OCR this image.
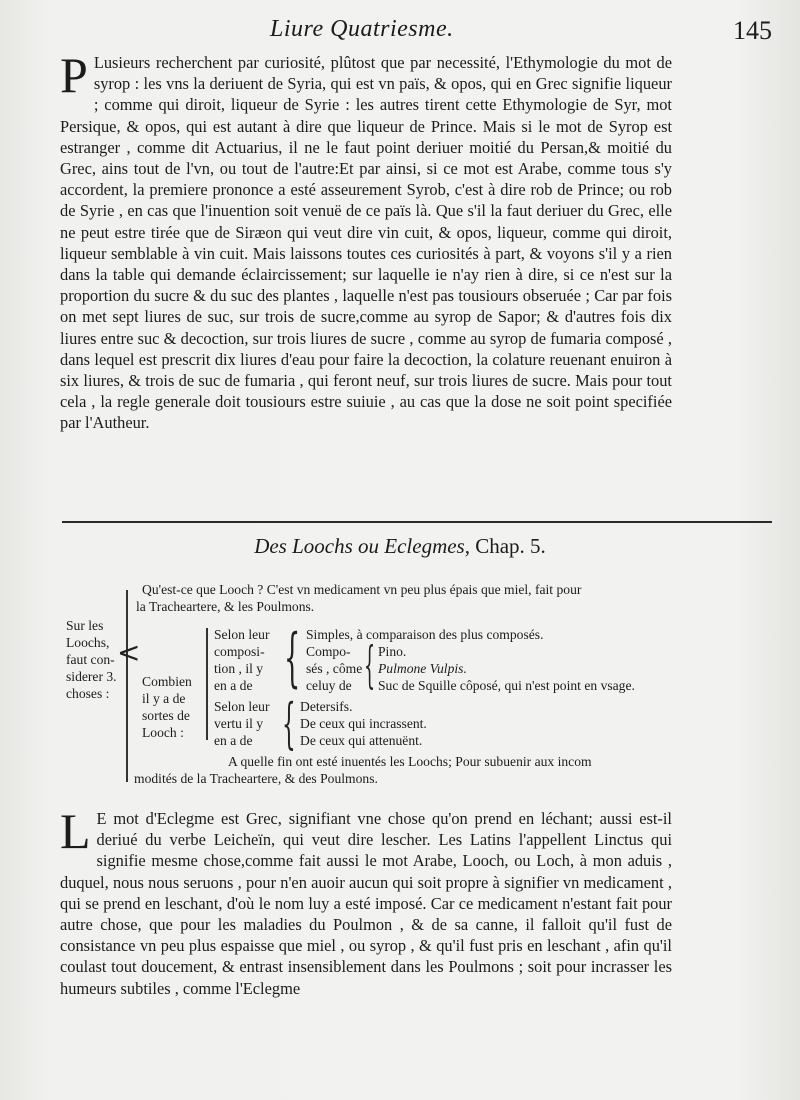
Liure Quatriesme.	145

P Lusieurs recherchent par curiosité, plûtost que par necessité, l'Ethymologie du mot de syrop : les vns la deriuent de Syria, qui est vn païs, & opos, qui en Grec signifie liqueur ; comme qui diroit, liqueur de Syrie : les autres tirent cette Ethymologie de Syr, mot Persique, & opos, qui est autant à dire que liqueur de Prince. Mais si le mot de Syrop est estranger , comme dit Actuarius, il ne le faut point deriuer moitié du Persan,& moitié du Grec, ains tout de l'vn, ou tout de l'autre:Et par ainsi, si ce mot est Arabe, comme tous s'y accordent, la premiere prononce a esté asseurement Syrob, c'est à dire rob de Prince; ou rob de Syrie , en cas que l'inuention soit venuë de ce païs là. Que s'il la faut deriuer du Grec, elle ne peut estre tirée que de Siræon qui veut dire vin cuit, & opos, liqueur, comme qui diroit, liqueur semblable à vin cuit. Mais laissons toutes ces curiosités à part, & voyons s'il y a rien dans la table qui demande éclaircissement; sur laquelle ie n'ay rien à dire, si ce n'est sur la proportion du sucre & du suc des plantes , laquelle n'est pas tousiours obseruée ; Car par fois on met sept liures de suc, sur trois de sucre,comme au syrop de Sapor; & d'autres fois dix liures entre suc & decoction, sur trois liures de sucre , comme au syrop de fumaria composé , dans lequel est prescrit dix liures d'eau pour faire la decoction, la colature reuenant enuiron à six liures, & trois de suc de fumaria , qui feront neuf, sur trois liures de sucre. Mais pour tout cela , la regle generale doit tousiours estre suiuie , au cas que la dose ne soit point specifiée par l'Autheur.

Des Loochs ou Eclegmes, Chap. 5.
Sur les
Loochs,
faut con-
siderer 3.
choses :
<
Qu'est-ce que Looch ? C'est vn medicament vn peu plus épais que miel, fait pour
la Trachеartere, & les Poulmons.
Combien
il y a de
sortes de
Looch :
Selon leur
composi-
tion , il y
en a de { Simples, à comparaison des plus composés.
Compo-
sés , côme
celuy de { Pino.
Pulmone Vulpis.
Suc de Squille côposé, qui n'est point en vsage.
Selon leur
vertu il y
en a de { Detersifs.
De ceux qui incrassent.
De ceux qui attenuënt.
A quelle fin ont esté inuentés les Loochs; Pour subuenir aux incom
modités de la Trachеartere, & des Poulmons.

L E mot d'Eclegme est Grec, signifiant vne chose qu'on prend en léchant; aussi est-il deriué du verbe Leicheïn, qui veut dire lescher. Les Latins l'appellent Linctus qui signifie mesme chose,comme fait aussi le mot Arabe, Looch, ou Loch, à mon aduis , duquel, nous nous seruons , pour n'en auoir aucun qui soit propre à signifier vn medicament , qui se prend en leschant, d'où le nom luy a esté imposé. Car ce medicament n'estant fait pour autre chose, que pour les maladies du Poulmon , & de sa canne, il falloit qu'il fust de consistance vn peu plus espaisse que miel , ou syrop , & qu'il fust pris en leschant , afin qu'il coulast tout doucement, & entrast insensiblement dans les Poulmons ; soit pour incrasser les humeurs subtiles , comme l'Eclegme
